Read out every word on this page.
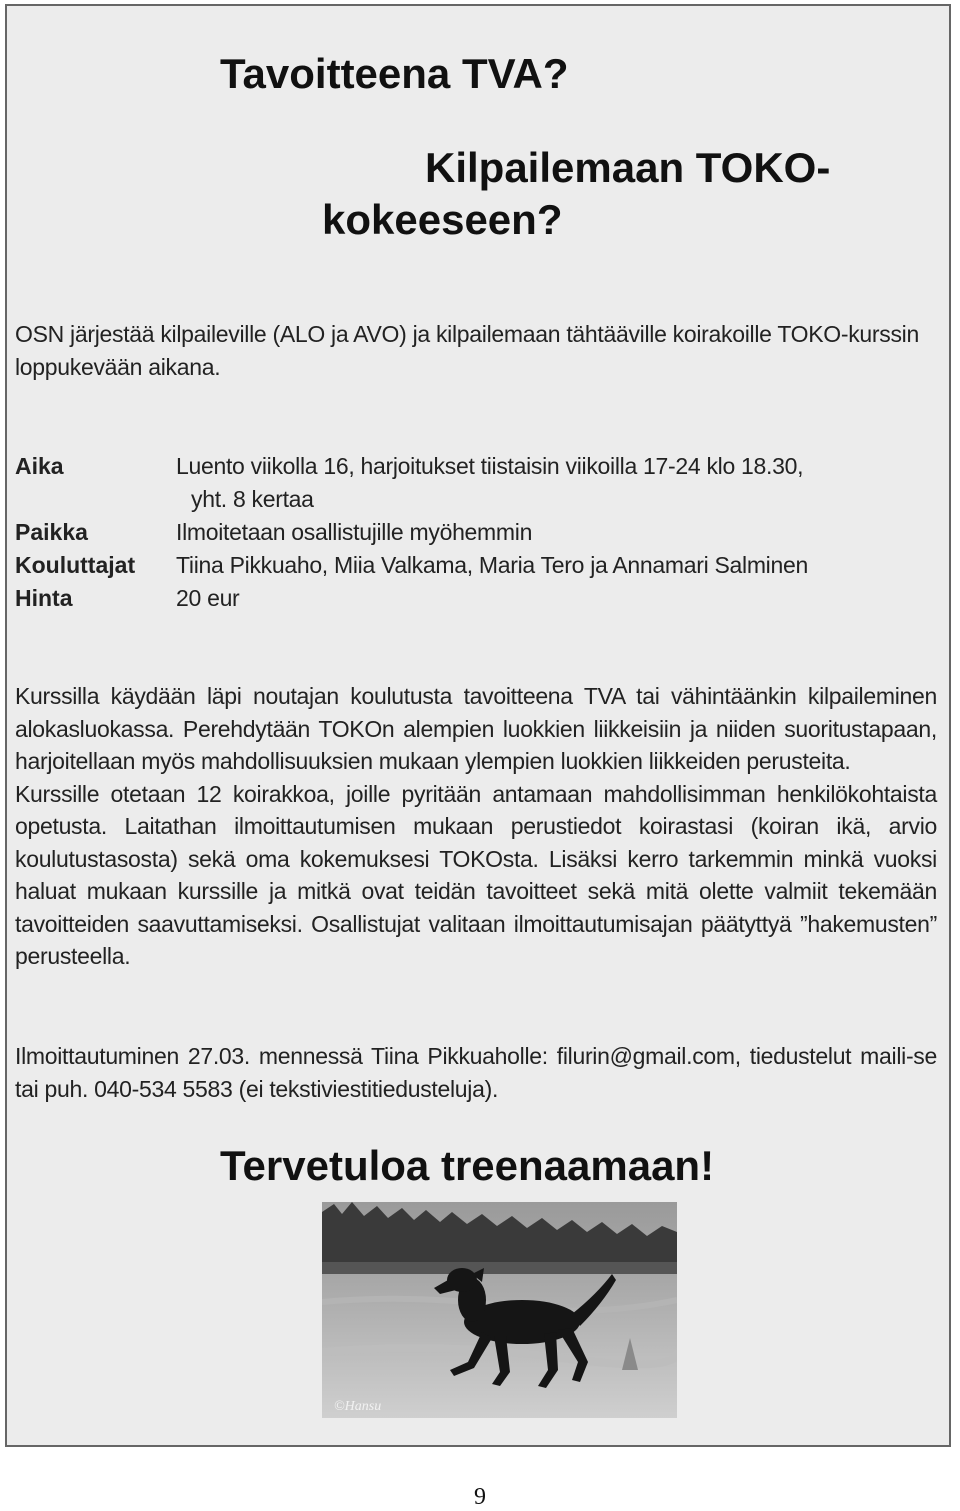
Tavoitteena TVA?
Kilpailemaan TOKO-
kokeeseen?
OSN järjestää kilpaileville (ALO ja AVO) ja kilpailemaan tähtääville koirakoille TOKO-kurssin loppukevään aikana.
Aika	Luento viikolla 16, harjoitukset tiistaisin viikoilla 17-24 klo 18.30,
yht. 8 kertaa
Paikka	Ilmoitetaan osallistujille myöhemmin
Kouluttajat Tiina Pikkuaho, Miia Valkama, Maria Tero ja Annamari Salminen
Hinta	20 eur

Kurssilla käydään läpi noutajan koulutusta tavoitteena TVA tai vähintäänkin kilpaileminen alokasluokassa. Perehdytään TOKOn alempien luokkien liikkeisiin ja niiden suoritustapaan, harjoitellaan myös mahdollisuuksien mukaan ylempien luokkien liikkeiden perusteita.

Kurssille otetaan 12 koirakkoa, joille pyritään antamaan mahdollisimman henkilökohtaista opetusta. Laitathan ilmoittautumisen mukaan perustiedot koirastasi (koiran ikä, arvio koulutustasosta) sekä oma kokemuksesi TOKOsta. Lisäksi kerro tarkemmin minkä vuoksi haluat mukaan kurssille ja mitkä ovat teidän tavoitteet sekä mitä olette valmiit tekemään tavoitteiden saavuttamiseksi. Osallistujat valitaan ilmoittautumisajan päätyttyä ”hakemusten” perusteella.

Ilmoittautuminen 27.03. mennessä Tiina Pikkuaholle: filurin@gmail.com, tiedustelut maili-se tai puh. 040-534 5583 (ei tekstiviestitiedusteluja).

Tervetuloa treenaamaan!
©Hansu
9
